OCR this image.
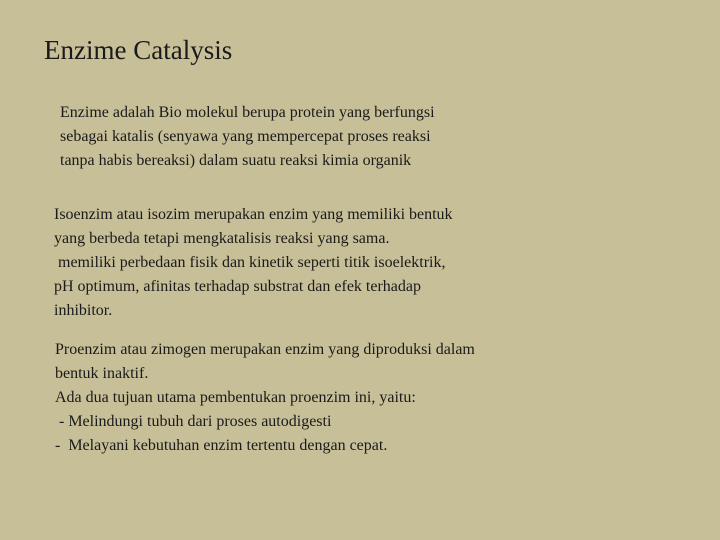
Enzime Catalysis
Enzime adalah Bio molekul berupa protein yang berfungsi
sebagai katalis (senyawa yang mempercepat proses reaksi
tanpa habis bereaksi) dalam suatu reaksi kimia organik
Isoenzim atau isozim merupakan enzim yang memiliki bentuk
yang berbeda tetapi mengkatalisis reaksi yang sama.
memiliki perbedaan fisik dan kinetik seperti titik isoelektrik,
pH optimum, afinitas terhadap substrat dan efek terhadap
inhibitor.
Proenzim atau zimogen merupakan enzim yang diproduksi dalam
bentuk inaktif.
Ada dua tujuan utama pembentukan proenzim ini, yaitu:
- Melindungi tubuh dari proses autodigesti
-  Melayani kebutuhan enzim tertentu dengan cepat.
